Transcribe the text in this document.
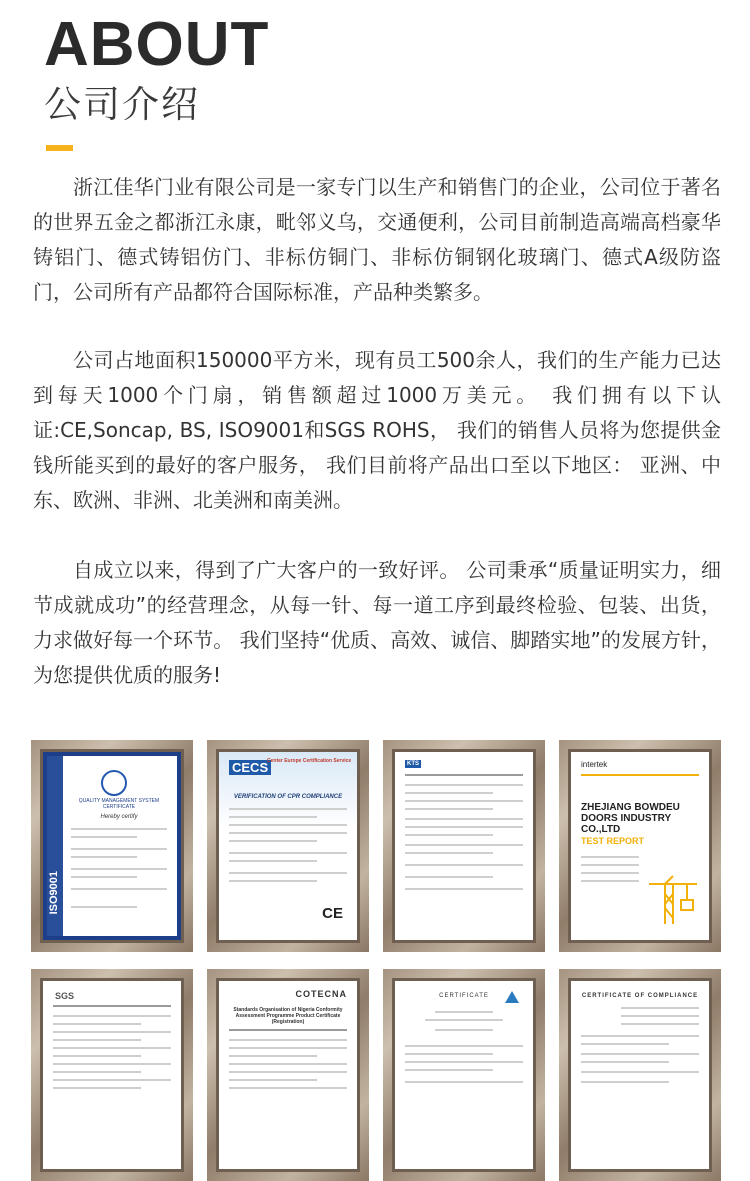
ABOUT
公司介绍

浙江佳华门业有限公司是一家专门以生产和销售门的企业，公司位于著名的世界五金之都浙江永康，毗邻义乌，交通便利，公司目前制造高端高档豪华铸铝门、德式铸铝仿门、非标仿铜门、非标仿铜钢化玻璃门、德式A级防盗门，公司所有产品都符合国际标准，产品种类繁多。

公司占地面积150000平方米，现有员工500余人，我们的生产能力已达到每天1000个门扇，销售额超过1000万美元。 我们拥有以下认证:CE,Soncap, BS, ISO9001和SGS ROHS， 我们的销售人员将为您提供金钱所能买到的最好的客户服务， 我们目前将产品出口至以下地区： 亚洲、中东、欧洲、非洲、北美洲和南美洲。

自成立以来，得到了广大客户的一致好评。 公司秉承“质量证明实力，细节成就成功”的经营理念，从每一针、每一道工序到最终检验、包装、出货，力求做好每一个环节。 我们坚持“优质、高效、诚信、脚踏实地”的发展方针，为您提供优质的服务!

ISO9001
QUALITY MANAGEMENT SYSTEM CERTIFICATE
Hereby certify
CECS
Center Europe Certification Service
VERIFICATION OF CPR COMPLIANCE
CE
KTS	intertek
ZHEJIANG BOWDEU DOORS INDUSTRY CO.,LTD
TEST REPORT
SGS	COTECNA
Standards Organisation of Nigeria Conformity Assessment Programme Product Certificate (Registration)
CERTIFICATE	CERTIFICATE OF COMPLIANCE
